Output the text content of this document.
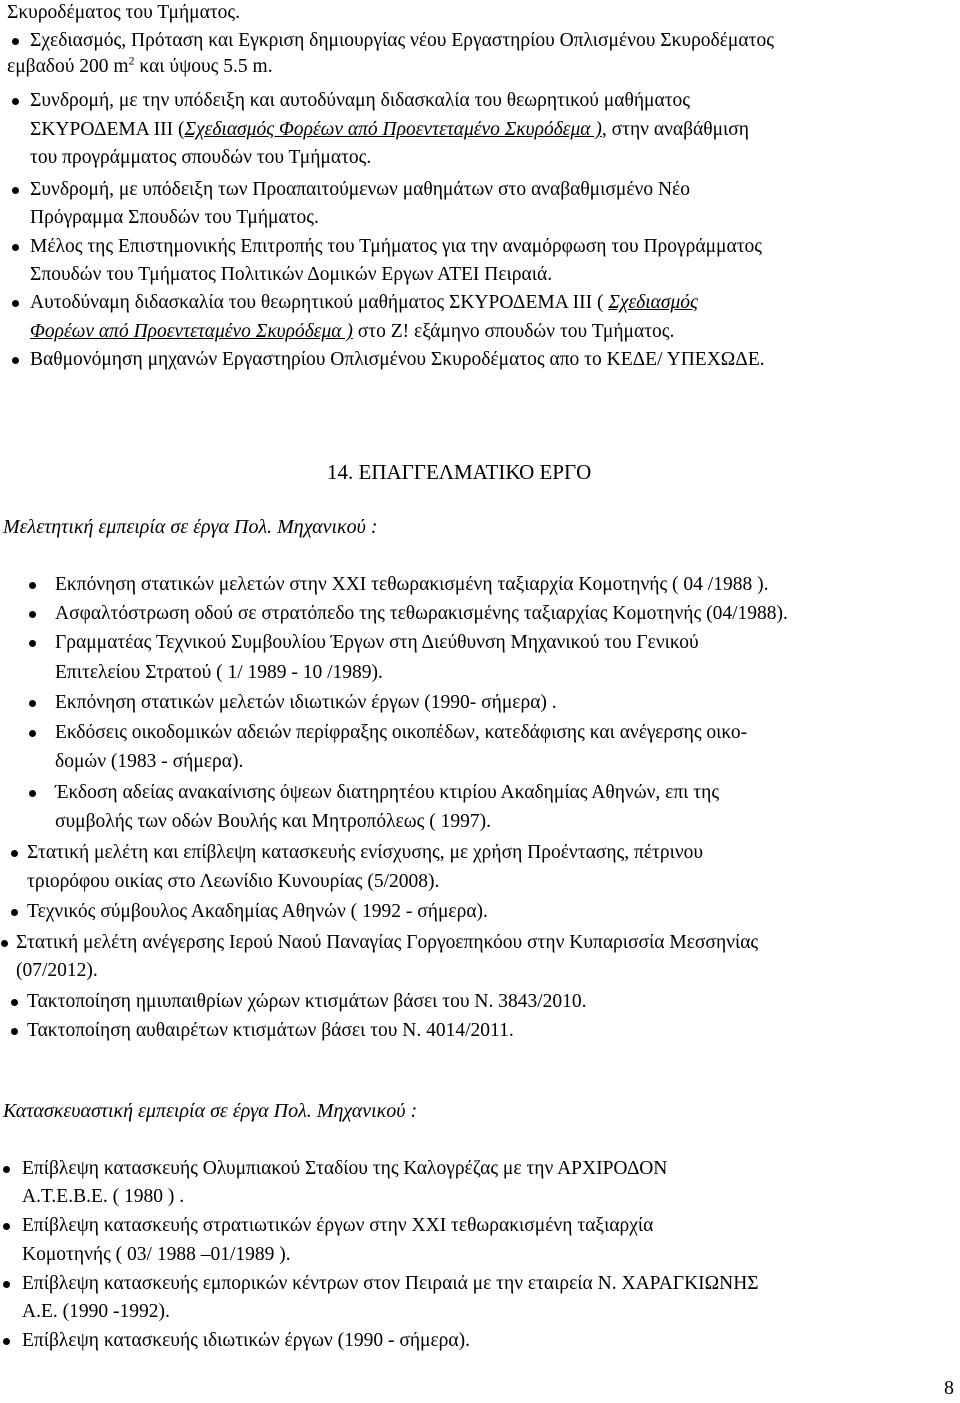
Σκυροδέματος του Τμήματος.
Σχεδιασμός, Πρόταση και Εγκριση δημιουργίας νέου Εργαστηρίου Οπλισμένου Σκυροδέματος
εμβαδού 200 $m^2$ και ύψους 5.5 m.
Συνδρομή, με την υπόδειξη και αυτοδύναμη διδασκαλία του θεωρητικού μαθήματος
ΣΚΥΡΟΔΕΜΑ ΙΙΙ (Σχεδιασμός Φορέων από Προεντεταμένο Σκυρόδεμα ), στην αναβάθμιση
του προγράμματος σπουδών του Τμήματος.
Συνδρομή, με υπόδειξη των Προαπαιτούμενων μαθημάτων στο αναβαθμισμένο Νέο
Πρόγραμμα Σπουδών του Τμήματος.
Μέλος της Επιστημονικής Επιτροπής του Τμήματος για την αναμόρφωση του Προγράμματος
Σπουδών του Τμήματος Πολιτικών Δομικών Εργων ΑΤΕΙ Πειραιά.
Αυτοδύναμη διδασκαλία του θεωρητικού μαθήματος ΣΚΥΡΟΔΕΜΑ ΙΙΙ ( Σχεδιασμός
Φορέων από Προεντεταμένο Σκυρόδεμα ) στο Ζ! εξάμηνο σπουδών του Τμήματος.
Βαθμονόμηση μηχανών Εργαστηρίου Οπλισμένου Σκυροδέματος απο το ΚΕΔΕ/ ΥΠΕΧΩΔΕ.
14. ΕΠΑΓΓΕΛΜΑΤΙΚΟ ΕΡΓΟ
Μελετητική εμπειρία σε έργα Πολ. Μηχανικού :
Εκπόνηση στατικών μελετών στην ΧΧΙ τεθωρακισμένη ταξιαρχία Κομοτηνής ( 04 /1988 ).
Ασφαλτόστρωση οδού σε στρατόπεδο της τεθωρακισμένης ταξιαρχίας Κομοτηνής (04/1988).
Γραμματέας Τεχνικού Συμβουλίου Έργων στη Διεύθυνση Μηχανικού του Γενικού
Επιτελείου Στρατού ( 1/ 1989 - 10 /1989).
Εκπόνηση στατικών μελετών ιδιωτικών έργων (1990- σήμερα) .
Εκδόσεις οικοδομικών αδειών περίφραξης οικοπέδων, κατεδάφισης και ανέγερσης οικο-
δομών (1983 - σήμερα).
Έκδοση αδείας ανακαίνισης όψεων διατηρητέου κτιρίου Ακαδημίας Αθηνών, επι της
συμβολής των οδών Βουλής και Μητροπόλεως ( 1997).
Στατική μελέτη και επίβλεψη κατασκευής ενίσχυσης, με χρήση Προέντασης, πέτρινου
τριορόφου οικίας στο Λεωνίδιο Κυνουρίας (5/2008).
Τεχνικός σύμβουλος Ακαδημίας Αθηνών ( 1992 - σήμερα).
Στατική μελέτη ανέγερσης Ιερού Ναού Παναγίας Γοργοεπηκόου στην Κυπαρισσία Μεσσηνίας
(07/2012).
Τακτοποίηση ημιυπαιθρίων χώρων κτισμάτων βάσει του Ν. 3843/2010.
Τακτοποίηση αυθαιρέτων κτισμάτων βάσει του Ν. 4014/2011.
Κατασκευαστική εμπειρία σε έργα Πολ. Μηχανικού :
Επίβλεψη κατασκευής Ολυμπιακού Σταδίου της Καλογρέζας με την ΑΡΧΙΡΟΔΟΝ
Α.Τ.Ε.Β.Ε. ( 1980 ) .
Επίβλεψη κατασκευής στρατιωτικών έργων στην ΧΧΙ τεθωρακισμένη ταξιαρχία
Κομοτηνής ( 03/ 1988 –01/1989 ).
Επίβλεψη κατασκευής εμπορικών κέντρων στον Πειραιά με την εταιρεία Ν. ΧΑΡΑΓΚΙΩΝΗΣ
Α.Ε. (1990 -1992).
Επίβλεψη κατασκευής ιδιωτικών έργων (1990 - σήμερα).
8
